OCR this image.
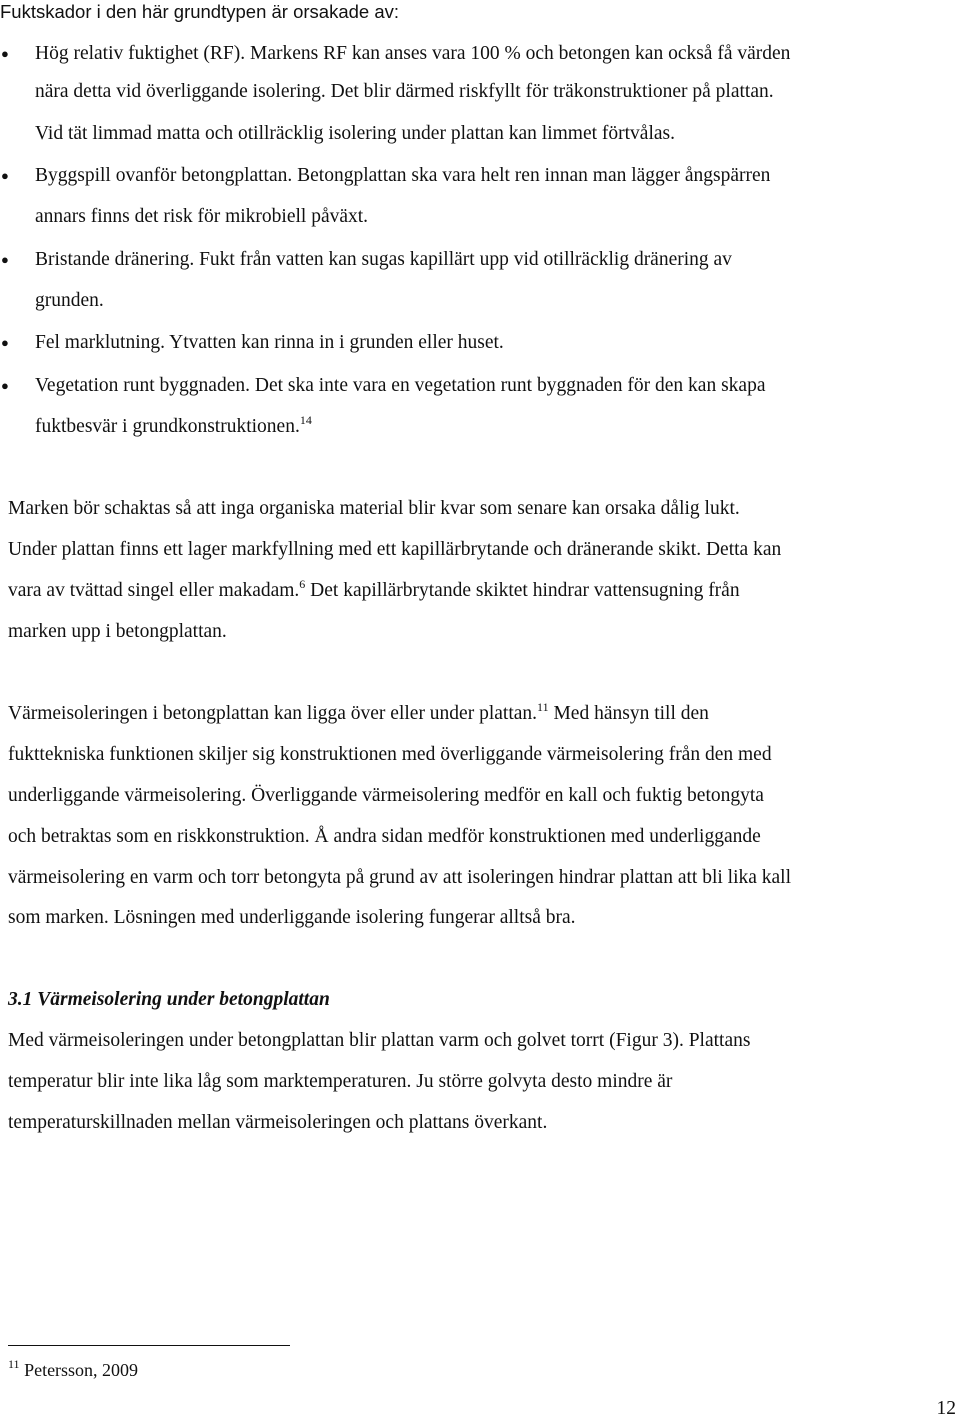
Fuktskador i den här grundtypen är orsakade av:
● Hög relativ fuktighet (RF). Markens RF kan anses vara 100 % och betongen kan också få värden
nära detta vid överliggande isolering. Det blir därmed riskfyllt för träkonstruktioner på plattan.
Vid tät limmad matta och otillräcklig isolering under plattan kan limmet förtvålas.
● Byggspill ovanför betongplattan. Betongplattan ska vara helt ren innan man lägger ångspärren
annars finns det risk för mikrobiell påväxt.
● Bristande dränering. Fukt från vatten kan sugas kapillärt upp vid otillräcklig dränering av
grunden.
● Fel marklutning. Ytvatten kan rinna in i grunden eller huset.
● Vegetation runt byggnaden. Det ska inte vara en vegetation runt byggnaden för den kan skapa
fuktbesvär i grundkonstruktionen.$^{14}$
Marken bör schaktas så att inga organiska material blir kvar som senare kan orsaka dålig lukt.
Under plattan finns ett lager markfyllning med ett kapillärbrytande och dränerande skikt. Detta kan
vara av tvättad singel eller makadam.$^6$ Det kapillärbrytande skiktet hindrar vattensugning från
marken upp i betongplattan.
Värmeisoleringen i betongplattan kan ligga över eller under plattan.$^{11}$ Med hänsyn till den
fukttekniska funktionen skiljer sig konstruktionen med överliggande värmeisolering från den med
underliggande värmeisolering. Överliggande värmeisolering medför en kall och fuktig betongyta
och betraktas som en riskkonstruktion. Å andra sidan medför konstruktionen med underliggande
värmeisolering en varm och torr betongyta på grund av att isoleringen hindrar plattan att bli lika kall
som marken. Lösningen med underliggande isolering fungerar alltså bra.
3.1 Värmeisolering under betongplattan
Med värmeisoleringen under betongplattan blir plattan varm och golvet torrt (Figur 3). Plattans
temperatur blir inte lika låg som marktemperaturen. Ju större golvyta desto mindre är
temperaturskillnaden mellan värmeisoleringen och plattans överkant.
$^{11}$ Petersson, 2009
12
